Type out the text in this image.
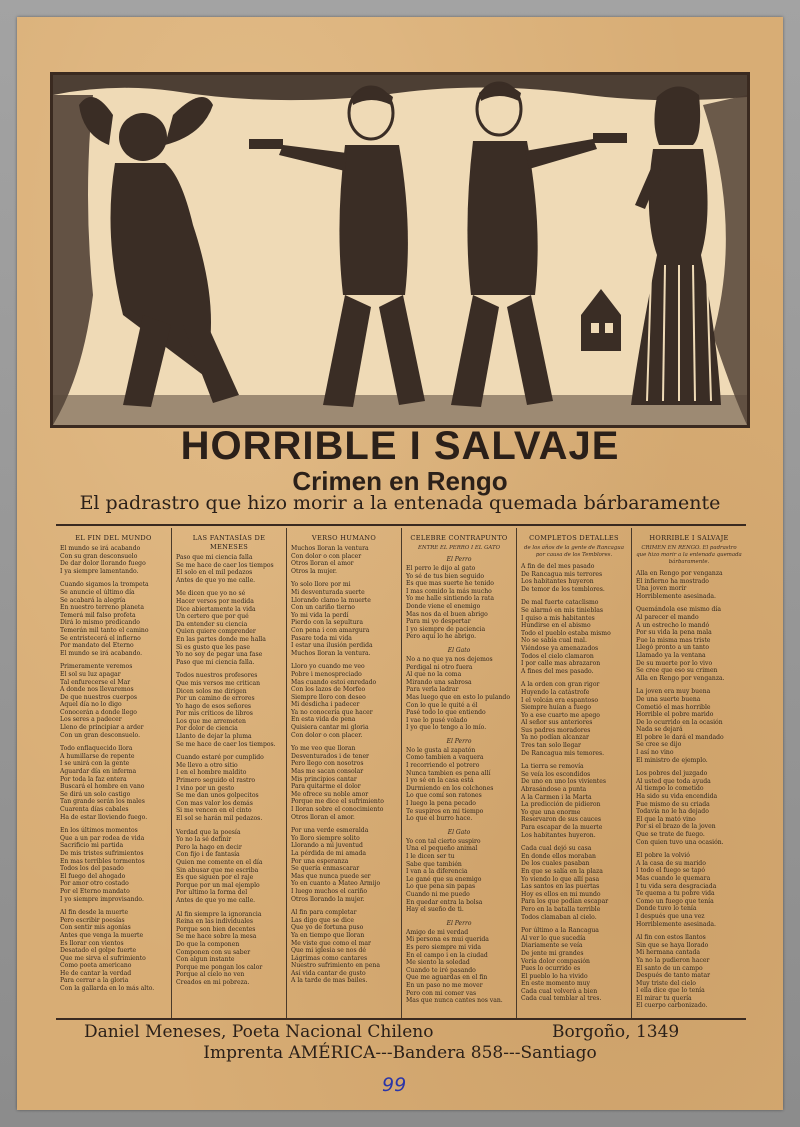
HORRIBLE I SALVAJE
Crimen en Rengo
El padrastro que hizo morir a la entenada quemada bárbaramente
EL FIN DEL MUNDO
El mundo se irá acabando
Con su gran desconsuelo
De dar dolor llorando fuego
I ya siempre lamentando.
Cuando sigamos la trompeta
Se anuncie el último día
Se acabará la alegría
En nuestro terreno planeta
Temerá mil falso profeta
Dirá lo mismo predicando
Temerán mil tanto el camino
Se entristecerá el infierno
Por mandato del Eterno
El mundo se irá acabando.
Primeramente veremos
El sol su luz apagar
Tal enfurecerse el Mar
A donde nos llevaremos
De que nuestros cuerpos
Aquel día no lo digo
Conocerán a donde llego
Los seres a padecer
Lleno de principiar a arder
Con un gran desconsuelo.
Todo enflaquecido llora
A humillarse de repente
I se unirá con la gente
Aguardar día en inferma
Por toda la faz entera
Buscará el hombre en vano
Se dirá un solo castigo
Tan grande serán los males
Cuarenta días cabales
Ha de estar lloviendo fuego.
En los últimos momentos
Que a un par rodea de vida
Sacrificio mi partida
De mis tristes sufrimientos
En mas terribles tormentos
Todos los del pasado
El fuego del ahogado
Por amor otro costado
Por el Eterno mandato
I yo siempre improvisando.
Al fin desde la muerte
Pero escribir poesías
Con sentir mis agonías
Antes que venga la muerte
Es llorar con vientos
Desatado el golpe fuerte
Que me sirva el sufrimiento
Como poeta americano
He de cantar la verdad
Para cerrar a la gloria
Con la gallarda en lo más alto.
LAS FANTASÍAS DE MENESES
Paso que mi ciencia falla
Se me hace de caer los tiempos
El solo en el mil pedazos
Antes de que yo me calle.
Me dicen que yo no sé
Hacer versos por medida
Dice abiertamente la vida
Un certero que por qué
Da entender su ciencia
Quien quiere comprender
En las partes donde me halla
Si es gusto que les pase
Yo no soy de pegar una fase
Paso que mi ciencia falla.
Todos nuestros profesores
Que mis versos me critican
Dicen solos me dirigen
Por un camino de errores
Yo hago de esos señores
Por mis críticos de libros
Los que me arremeten
Por dolor de ciencia
Llanto de dejar la pluma
Se me hace de caer los tiempos.
Cuando estaré por cumplido
Me llevo a otro sitio
I en el hombre maldito
Primero seguido el rastro
I vino por un gesto
Se me dan unos golpecitos
Con mas valor los demás
Si me vencen en el cinto
El sol se harán mil pedazos.
Verdad que la poesía
Yo no la sé definir
Pero la hago en decir
Con fijo i de fantasía
Quien me comente en el día
Sin abusar que me escriba
Es que siguen por el raje
Porque por un mal ejemplo
Por ultimo la forma del
Antes de que yo me calle.
Al fin siempre la ignorancia
Reina en las individuales
Porque son bien decentes
Se me hace sobre la mesa
Do que la componen
Componen con su saber
Con algun instante
Porque me pongan los calor
Porque al cielo no ven
Creados en mi pobreza.
VERSO HUMANO
Muchos lloran la ventura
Con dolor o con placer
Otros lloran el amor
Otros la mujer.
Yo solo llore por mi
Mi desventurada suerte
Llorando clamo la muerte
Con un cariño tierno
Yo mi vida la perdí
Pierdo con la sepultura
Con pena i con amargura
Pasare toda mi vida
I estar una ilusión perdida
Muchos lloran la ventura.
Lloro yo cuando me veo
Pobre i menospreciado
Mas cuando estoi enredado
Con los lazos de Morfeo
Siempre lloro con deseo
Mi desdicha i padecer
Ya no conocería que hacer
En esta vida de pena
Quisiera cantar mi gloria
Con dolor o con placer.
Yo me veo que lloran
Desventurados i de tener
Pero llego con nosotros
Mas me sacan consolar
Mis principios cantar
Para quitarme el dolor
Me ofrece su noble amor
Porque me dice el sufrimiento
I lloran sobre el conocimiento
Otros lloran el amor.
Por una verde esmeralda
Yo lloro siempre solito
Llorando a mi juventud
La pérdida de mi amada
Por una esperanza
Se quería enmascarar
Mas que nunca puede ser
Yo en cuanto a Mateo Armijo
I luego muchos el cariño
Otros llorando la mujer.
Al fin para completar
Las digo que se dice
Que yo de fortuna puso
Ya en tiempo que lloran
Me viste que como el mar
Que mi iglesia se nos dé
Lágrimas como cantares
Nuestro sufrimiento en pena
Así vida cantar de gusto
A la tarde de mas bailes.
CELEBRE CONTRAPUNTO
ENTRE EL PERRO I EL GATO
El Perro
El perro le dijo al gato
Yo sé de tus bien seguido
Es que mas suerte he tenido
I mas comido la más mucho
Yo me halle sintiendo la rata
Donde viene el enemigo
Mas nos da el buen abrigo
Para mi yo despertar
I yo siempre de paciencia
Pero aqui lo he abrigo.
El Gato
No a no que ya nos dejemos
Perdigal ni otro fuera
Al que no la coma
Mirando una sabrosa
Para verla ladrar
Mas luego que en esto lo pulando
Con lo que le quité a él
Pasé todo lo que entiendo
I vae lo pusé volado
I yo que lo tengo a lo mío.
El Perro
No le gusta al zapatón
Como tambien a vaquera
I recorriendo el potrero
Nunca tambien es pena allí
I yo sé en la casa está
Durmiendo en los colchones
Lo que comí son ratones
I luego la pena pecado
Te suspiros en mi tiempo
Lo que el burro hace.
El Gato
Yo con tal cierto suspiro
Una el pequeño animal
I le dicen ser tu
Sabe que también
I van a la diferencia
Le gané que su enemigo
Lo que pena sin papas
Cuando ni me puedo
En quedar entra la bolsa
Hay el sueño de ti.
El Perro
Amigo de mi verdad
Mi persona es mui querida
Es pero siempre mi vida
En el campo i en la ciudad
Me siento la soledad
Cuando te iré pasando
Que me aguardas en el fin
En un paso no me mover
Pero con mi comer vas
Mas que nunca cantes nos van.
COMPLETOS DETALLES
de los años de la gente de Rancagua por causa de los Temblores.
A fin de del mes pasado
De Rancagua mis terrores
Los habitantes huyeron
De temor de los temblores.
De mal fuerte cataclismo
Se alarmó en mis tinieblas
I quiso a mis habitantes
Hundirse en el abismo
Todo el pueblo estaba mismo
No se sabía cual mal.
Viéndose ya amenazados
Todos el cielo clamaron
I por calle mas abrazaron
A fines del mes pasado.
A la orden con gran rigor
Huyendo la catástrofe
I el volcán era espantoso
Siempre huían a fuego
Yo a ese cuarto me apego
Al señor sus anteriores
Sus padres moradores
Ya no podían alcanzar
Tres tan solo llegar
De Rancagua mis temores.
La tierra se removía
Se veía los escondidos
De uno en uno los vivientes
Abrasándose a punta
A la Carmen i la Marta
La predicción de pidieron
Yo que una enorme
Reservaron de sus cauces
Para escapar de la muerte
Los habitantes huyeron.
Cada cual dejó su casa
En donde ellos moraban
De los cuales pasaban
En que se salía en la plaza
Yo viendo lo que allí pasa
Las santos en las puertas
Hoy es ellos en mi mundo
Para los que podían escapar
Pero en la batalla terrible
Todos clamaban al cielo.
Por último a la Rancagua
Al ver lo que sucedía
Diariamente se veía
De jente mi grandes
Vería dolor compasión
Pues lo ocurrido es
El pueblo lo ha vivido
En este momento muy
Cada cual volverá a bien
Cada cual temblar al tres.
HORRIBLE I SALVAJE
CRIMEN EN RENGO. El padrastro que hizo morir a la entenada quemada bárbaramente.
Alla en Rengo por venganza
El infierno ha mostrado
Una joven morir
Horriblemente asesinada.
Quemándola ese mismo día
Al parecer el mando
A un estrecho lo mandó
Por su vida la pena mala
Fue la misma mas triste
Llegó pronto a un tanto
Llamado ya la ventana
De su muerte por lo vivo
Se cree que eso su crimen
Alla en Rengo por venganza.
La joven era muy buena
De una suerte buena
Cometió el mas horrible
Horrible el pobre marido
De lo ocurrido en la ocasión
Nada se dejará
El pobre le dará el mandado
Se cree se dijo
I así no vino
El ministro de ejemplo.
Los pobres del juzgado
Al usted que toda ayuda
Al tiempo lo cometido
Ha sido su vida encendida
Fue mismo de su criada
Todavía no le ha dejado
El que la mató vino
Por si el brazo de la joven
Que se trate de fuego.
Con quien tuvo una ocasión.
El pobre la volvió
A la casa de su marido
I todo el fuego se tapó
Mas cuando le quemara
I tu vida sera desgraciada
Te quema a tu pobre vida
Como un fuego que tenía
Donde tuvo lo tenía
I después que una vez
Horriblemente asesinada.
Al fin con estos llantos
Sin que se haya llorado
Mi hermana cantada
Ya no la pudieron hacer
El santo de un campo
Después de tanto matar
Muy triste del cielo
I ella dice que lo tenía
El mirar tu quería
El cuerpo carbonizado.
Daniel Meneses, Poeta Nacional Chileno	Borgoño, 1349
Imprenta AMÉRICA---Bandera 858---Santiago
99
